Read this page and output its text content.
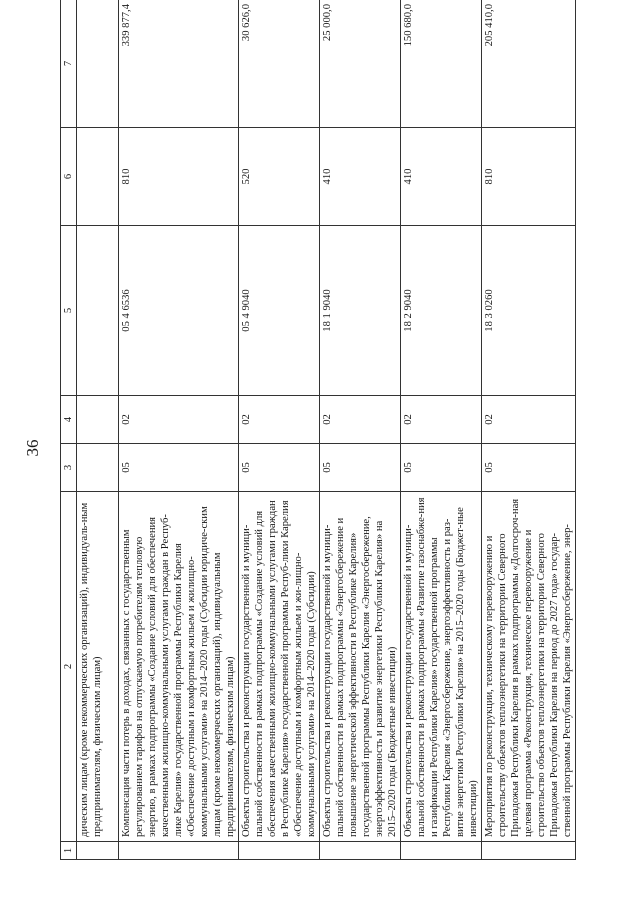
36
1	2	3	4	5	6	7
	дическим лицам (кроме некоммерческих организаций), индивидуаль-ным предпринимателям, физическим лицам)					
	Компенсация части потерь в доходах, связанных с государственным регулированием тарифов на отпускаемую потребителям тепловую энергию, в рамках подпрограммы «Создание условий для обеспечения качественными жилищно-коммунальными услугами граждан в Респуб-лике Карелия» государственной программы Республики Карелия «Обеспечение доступным и комфортным жильем и жилищно-коммунальными услугами» на 2014–2020 годы (Субсидии юридиче-ским лицам (кроме некоммерческих организаций), индивидуальным предпринимателям, физическим лицам)	05	02	05 4 6536	810	339 877,4
	Объекты строительства и реконструкции государственной и муници-пальной собственности в рамках подпрограммы «Создание условий для обеспечения качественными жилищно-коммунальными услугами граждан в Республике Карелия» государственной программы Респуб-лики Карелия «Обеспечение доступным и комфортным жильем и жи-лищно-коммунальными услугами» на 2014–2020 годы (Субсидии)	05	02	05 4 9040	520	30 626,0
	Объекты строительства и реконструкции государственной и муници-пальной собственности в рамках подпрограммы «Энергосбережение и повышение энергетической эффективности в Республике Карелия» государственной программы Республики Карелия «Энергосбережение, энергоэффективность и развитие энергетики Республики Карелия» на 2015–2020 годы (Бюджетные инвестиции)	05	02	18 1 9040	410	25 000,0
	Объекты строительства и реконструкции государственной и муници-пальной собственности в рамках подпрограммы «Развитие газоснабже-ния и газификации Республики Карелия» государственной программы Республики Карелия «Энергосбережение, энергоэффективность и раз-витие энергетики Республики Карелия» на 2015–2020 годы (Бюджет-ные инвестиции)	05	02	18 2 9040	410	150 680,0
	Мероприятия по реконструкции, техническому перевооружению и строительству объектов теплоэнергетики на территории Северного Приладожья Республики Карелия в рамках подпрограммы «Долгосроч-ная целевая программа «Реконструкция, техническое перевооружение и строительство объектов теплоэнергетики на территории Северного Приладожья Республики Карелия на период до 2027 года» государ-ственной программы Республики Карелия «Энергосбережение, энер-	05	02	18 3 0260	810	205 410,0
